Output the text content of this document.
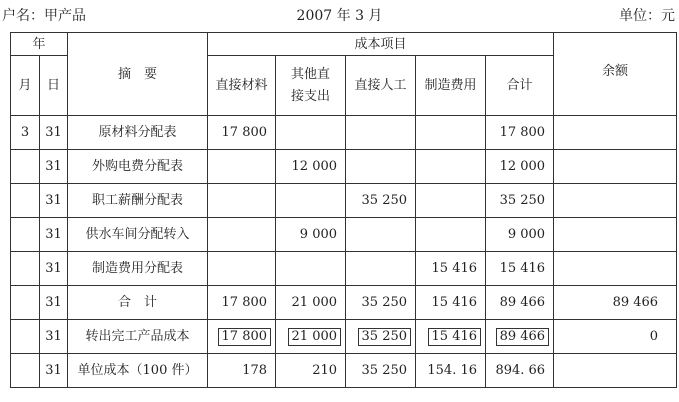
户名：甲产品	2007 年 3 月	单位：元
年		摘　要	成本项目					余额
月	日		直接材料	其他直接支出	直接人工	制造费用	合计	
3	31	原材料分配表	17 800				17 800	
	31	外购电费分配表		12 000			12 000	
	31	职工薪酬分配表			35 250		35 250	
	31	供水车间分配转入		9 000			9 000	
	31	制造费用分配表				15 416	15 416	
	31	合　计	17 800	21 000	35 250	15 416	89 466	89 466
	31	转出完工产品成本	17 800	21 000	35 250	15 416	89 466	0
	31	单位成本（100 件）	178	210	35 250	154. 16	894. 66	
